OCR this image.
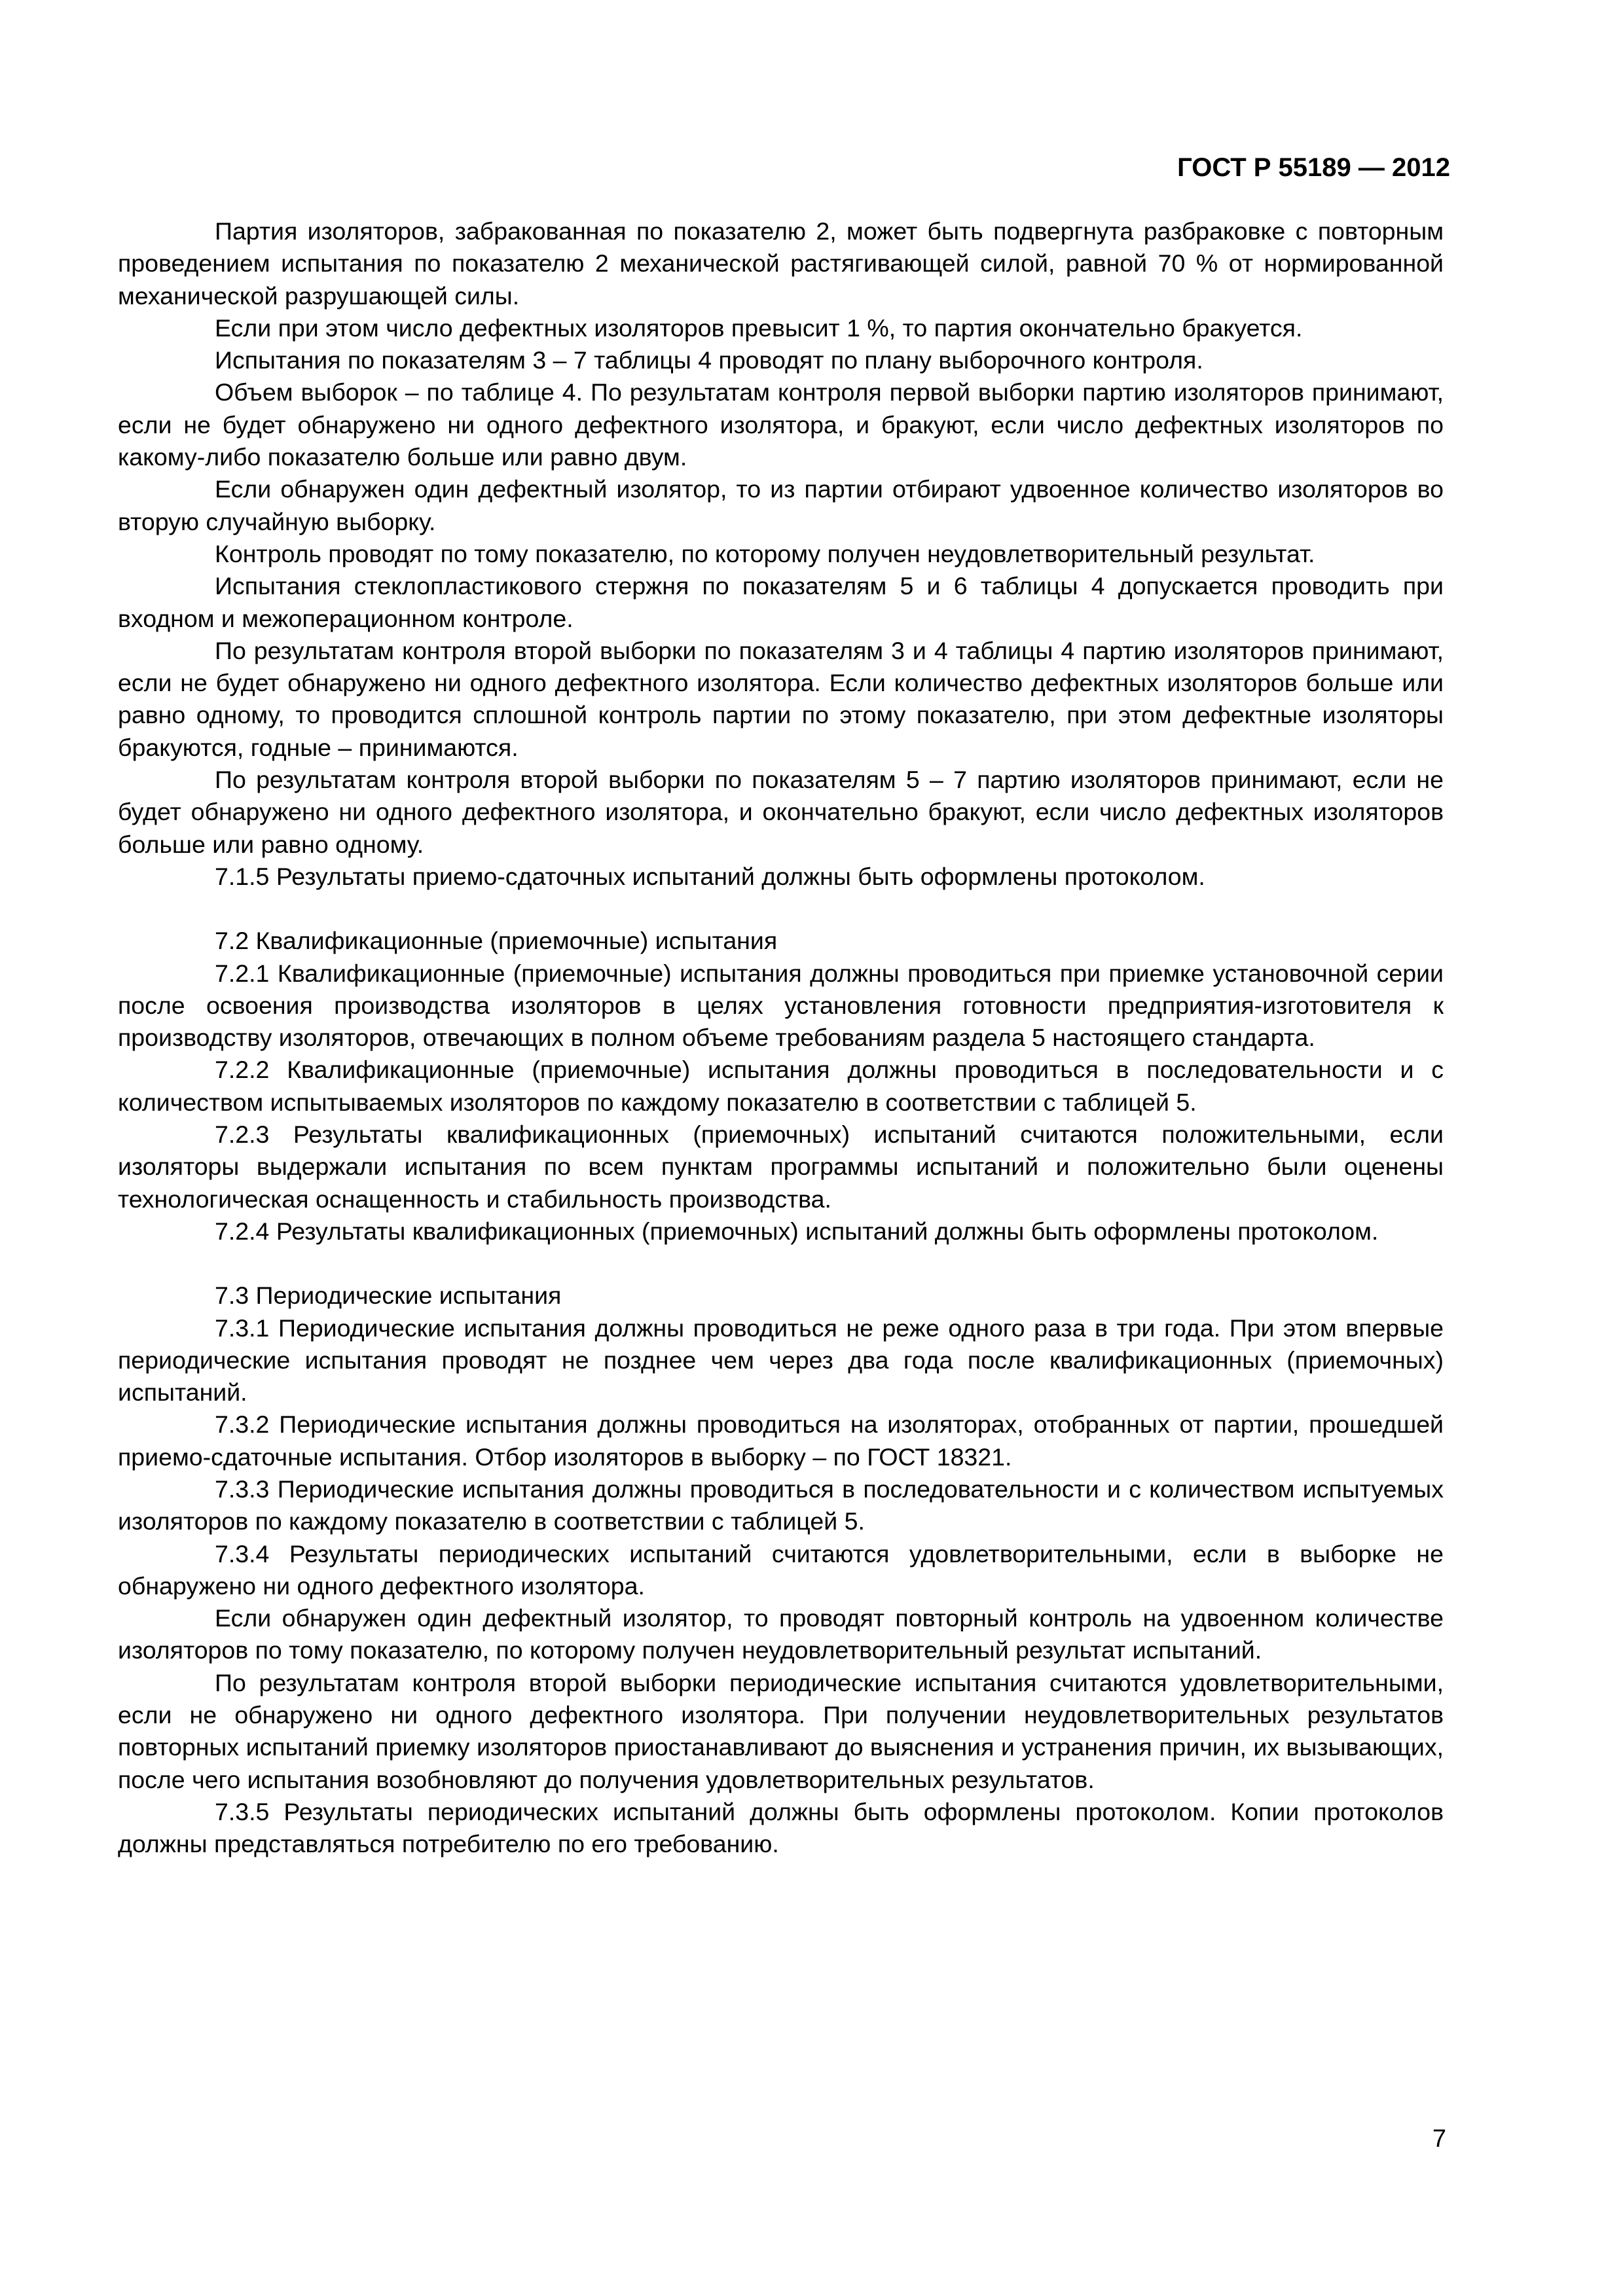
ГОСТ Р 55189 — 2012

Партия изоляторов, забракованная по показателю 2, может быть подвергнута разбраковке с повторным проведением испытания по показателю 2 механической растягивающей силой, равной 70 % от нормированной механической разрушающей силы.

Если при этом число дефектных изоляторов превысит 1 %, то партия окончательно бракуется.

Испытания по показателям 3 – 7 таблицы 4 проводят по плану выборочного контроля.

Объем выборок – по таблице 4. По результатам контроля первой выборки партию изоляторов принимают, если не будет обнаружено ни одного дефектного изолятора, и бракуют, если число дефектных изоляторов по какому-либо показателю больше или равно двум.

Если обнаружен один дефектный изолятор, то из партии отбирают удвоенное количество изоляторов во вторую случайную выборку.

Контроль проводят по тому показателю, по которому получен неудовлетворительный результат.

Испытания стеклопластикового стержня по показателям 5 и 6 таблицы 4 допускается проводить при входном и межоперационном контроле.

По результатам контроля второй выборки по показателям 3 и 4 таблицы 4 партию изоляторов принимают, если не будет обнаружено ни одного дефектного изолятора. Если количество дефектных изоляторов больше или равно одному, то проводится сплошной контроль партии по этому показателю, при этом дефектные изоляторы бракуются, годные – принимаются.

По результатам контроля второй выборки по показателям 5 – 7 партию изоляторов принимают, если не будет обнаружено ни одного дефектного изолятора, и окончательно бракуют, если число дефектных изоляторов больше или равно одному.

7.1.5 Результаты приемо-сдаточных испытаний должны быть оформлены протоколом.

7.2 Квалификационные (приемочные) испытания

7.2.1 Квалификационные (приемочные) испытания должны проводиться при приемке установочной серии после освоения производства изоляторов в целях установления готовности предприятия-изготовителя к производству изоляторов, отвечающих в полном объеме требованиям раздела 5 настоящего стандарта.

7.2.2 Квалификационные (приемочные) испытания должны проводиться в последовательности и с количеством испытываемых изоляторов по каждому показателю в соответствии с таблицей 5.

7.2.3 Результаты квалификационных (приемочных) испытаний считаются положительными, если изоляторы выдержали испытания по всем пунктам программы испытаний и положительно были оценены технологическая оснащенность и стабильность производства.

7.2.4 Результаты квалификационных (приемочных) испытаний должны быть оформлены протоколом.

7.3 Периодические испытания

7.3.1 Периодические испытания должны проводиться не реже одного раза в три года. При этом впервые периодические испытания проводят не позднее чем через два года после квалификационных (приемочных) испытаний.

7.3.2 Периодические испытания должны проводиться на изоляторах, отобранных от партии, прошедшей приемо-сдаточные испытания. Отбор изоляторов в выборку – по ГОСТ 18321.

7.3.3 Периодические испытания должны проводиться в последовательности и с количеством испытуемых изоляторов по каждому показателю в соответствии с таблицей 5.

7.3.4 Результаты периодических испытаний считаются удовлетворительными, если в выборке не обнаружено ни одного дефектного изолятора.

Если обнаружен один дефектный изолятор, то проводят повторный контроль на удвоенном количестве изоляторов по тому показателю, по которому получен неудовлетворительный результат испытаний.

По результатам контроля второй выборки периодические испытания считаются удовлетворительными, если не обнаружено ни одного дефектного изолятора. При получении неудовлетворительных результатов повторных испытаний приемку изоляторов приостанавливают до выяснения и устранения причин, их вызывающих, после чего испытания возобновляют до получения удовлетворительных результатов.

7.3.5 Результаты периодических испытаний должны быть оформлены протоколом. Копии протоколов должны представляться потребителю по его требованию.

7
